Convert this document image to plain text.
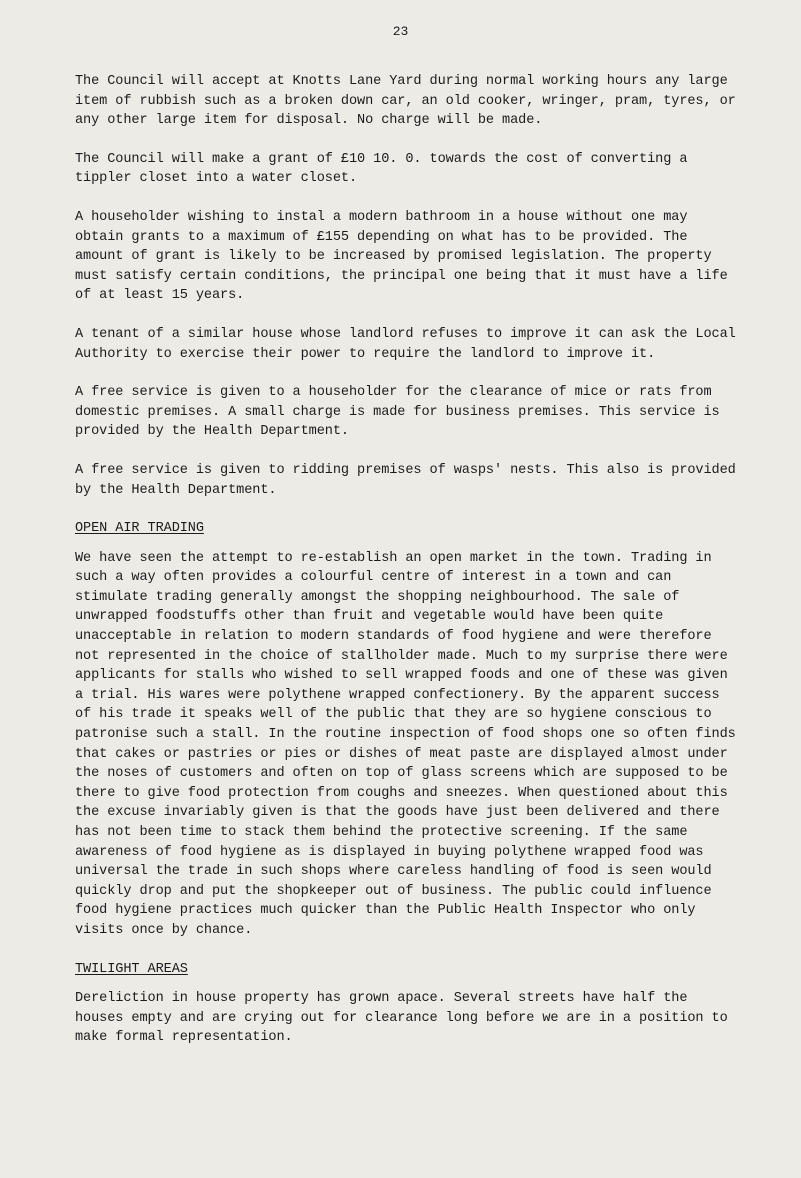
23

The Council will accept at Knotts Lane Yard during normal working hours any large item of rubbish such as a broken down car, an old cooker, wringer, pram, tyres, or any other large item for disposal. No charge will be made.

The Council will make a grant of £10 10. 0. towards the cost of converting a tippler closet into a water closet.

A householder wishing to instal a modern bathroom in a house without one may obtain grants to a maximum of £155 depending on what has to be provided. The amount of grant is likely to be increased by promised legislation. The property must satisfy certain conditions, the principal one being that it must have a life of at least 15 years.

A tenant of a similar house whose landlord refuses to improve it can ask the Local Authority to exercise their power to require the landlord to improve it.

A free service is given to a householder for the clearance of mice or rats from domestic premises. A small charge is made for business premises. This service is provided by the Health Department.

A free service is given to ridding premises of wasps' nests. This also is provided by the Health Department.

OPEN AIR TRADING

We have seen the attempt to re-establish an open market in the town. Trading in such a way often provides a colourful centre of interest in a town and can stimulate trading generally amongst the shopping neighbourhood. The sale of unwrapped foodstuffs other than fruit and vegetable would have been quite unacceptable in relation to modern standards of food hygiene and were therefore not represented in the choice of stallholder made. Much to my surprise there were applicants for stalls who wished to sell wrapped foods and one of these was given a trial. His wares were polythene wrapped confectionery. By the apparent success of his trade it speaks well of the public that they are so hygiene conscious to patronise such a stall. In the routine inspection of food shops one so often finds that cakes or pastries or pies or dishes of meat paste are displayed almost under the noses of customers and often on top of glass screens which are supposed to be there to give food protection from coughs and sneezes. When questioned about this the excuse invariably given is that the goods have just been delivered and there has not been time to stack them behind the protective screening. If the same awareness of food hygiene as is displayed in buying polythene wrapped food was universal the trade in such shops where careless handling of food is seen would quickly drop and put the shopkeeper out of business. The public could influence food hygiene practices much quicker than the Public Health Inspector who only visits once by chance.

TWILIGHT AREAS

Dereliction in house property has grown apace. Several streets have half the houses empty and are crying out for clearance long before we are in a position to make formal representation.
